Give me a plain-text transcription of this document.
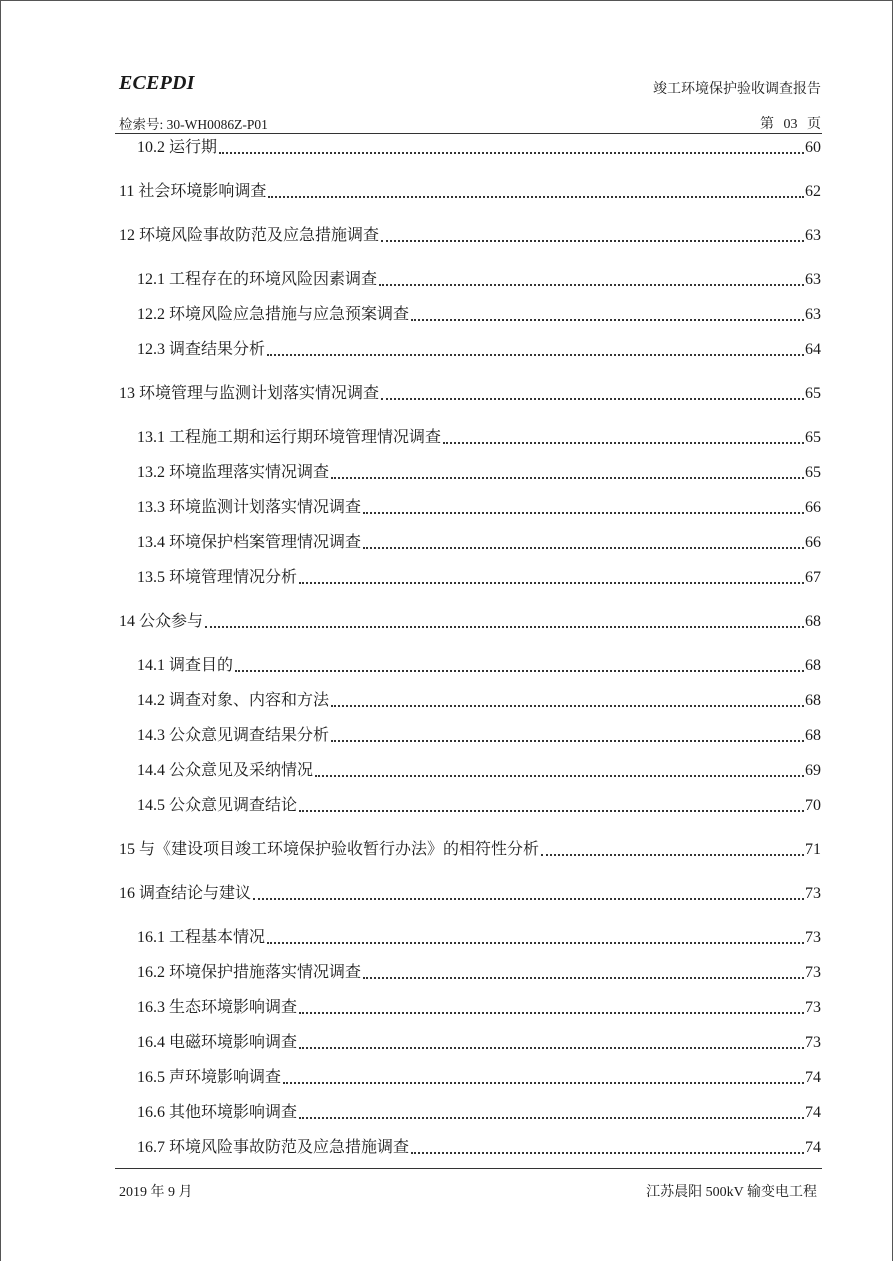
ECEPDI	竣工环境保护验收调查报告
检索号: 30-WH0086Z-P01	第 03 页
10.2 运行期	60
11 社会环境影响调查	62
12 环境风险事故防范及应急措施调查	63
12.1 工程存在的环境风险因素调查	63
12.2 环境风险应急措施与应急预案调查	63
12.3 调查结果分析	64
13 环境管理与监测计划落实情况调查	65
13.1 工程施工期和运行期环境管理情况调查	65
13.2 环境监理落实情况调查	65
13.3 环境监测计划落实情况调查	66
13.4 环境保护档案管理情况调查	66
13.5 环境管理情况分析	67
14 公众参与	68
14.1 调查目的	68
14.2 调查对象、内容和方法	68
14.3 公众意见调查结果分析	68
14.4 公众意见及采纳情况	69
14.5 公众意见调查结论	70
15 与《建设项目竣工环境保护验收暂行办法》的相符性分析	71
16 调查结论与建议	73
16.1 工程基本情况	73
16.2 环境保护措施落实情况调查	73
16.3 生态环境影响调查	73
16.4 电磁环境影响调查	73
16.5 声环境影响调查	74
16.6 其他环境影响调查	74
16.7 环境风险事故防范及应急措施调查	74
2019 年 9 月	江苏晨阳 500kV 输变电工程
